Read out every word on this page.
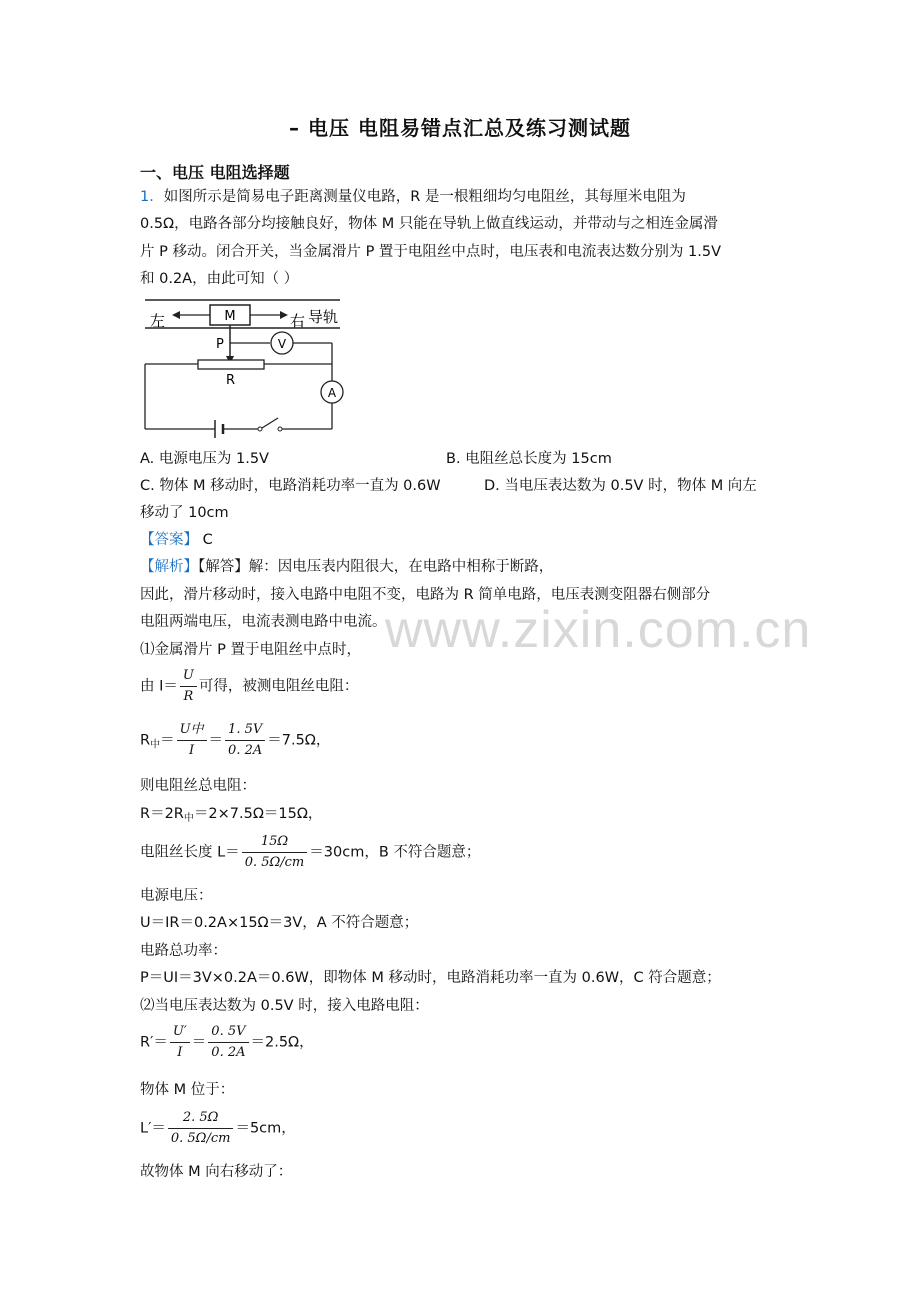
– 电压 电阻易错点汇总及练习测试题
一、电压 电阻选择题
1．如图所示是简易电子距离测量仪电路，R 是一根粗细均匀电阻丝，其每厘米电阻为
0.5Ω，电路各部分均接触良好，物体 M 只能在导轨上做直线运动，并带动与之相连金属滑
片 P 移动。闭合开关，当金属滑片 P 置于电阻丝中点时，电压表和电流表达数分别为 1.5V
和 0.2A，由此可知（ ）
M
左	右 导轨
P	V
R
A
A. 电源电压为 1.5V	B. 电阻丝总长度为 15cm
C. 物体 M 移动时，电路消耗功率一直为 0.6W	D. 当电压表达数为 0.5V 时，物体 M 向左
移动了 10cm
【答案】 C
【解析】【解答】解：因电压表内阻很大，在电路中相称于断路，
因此，滑片移动时，接入电路中电阻不变，电路为 R 简单电路，电压表测变阻器右侧部分
电阻两端电压，电流表测电路中电流。
⑴金属滑片 P 置于电阻丝中点时，
由 $I= \frac{U}{R}$ 可得，被测电阻丝电阻：
$R_中= \frac{\text{U中}}{I} = \frac{1. 5V}{0. 2A} =7.5\Omega$，
则电阻丝总电阻：
$R=2R_中=2\times 7.5\Omega=15\Omega$，
电阻丝长度 $L= \frac{15\Omega}{0. 5\Omega/cm} =30cm$，B 不符合题意；
电源电压：
U＝IR＝0.2A×15Ω＝3V，A 不符合题意；
电路总功率：
P＝UI＝3V×0.2A＝0.6W，即物体 M 移动时，电路消耗功率一直为 0.6W，C 符合题意；
⑵当电压表达数为 0.5V 时，接入电路电阻：
$R'= \frac{U'}{I} = \frac{0. 5V}{0. 2A} =2.5\Omega$，
物体 M 位于：
$L'= \frac{2. 5\Omega}{0. 5\Omega/cm} =5cm$，
故物体 M 向右移动了：
www.zixin.com.cn
